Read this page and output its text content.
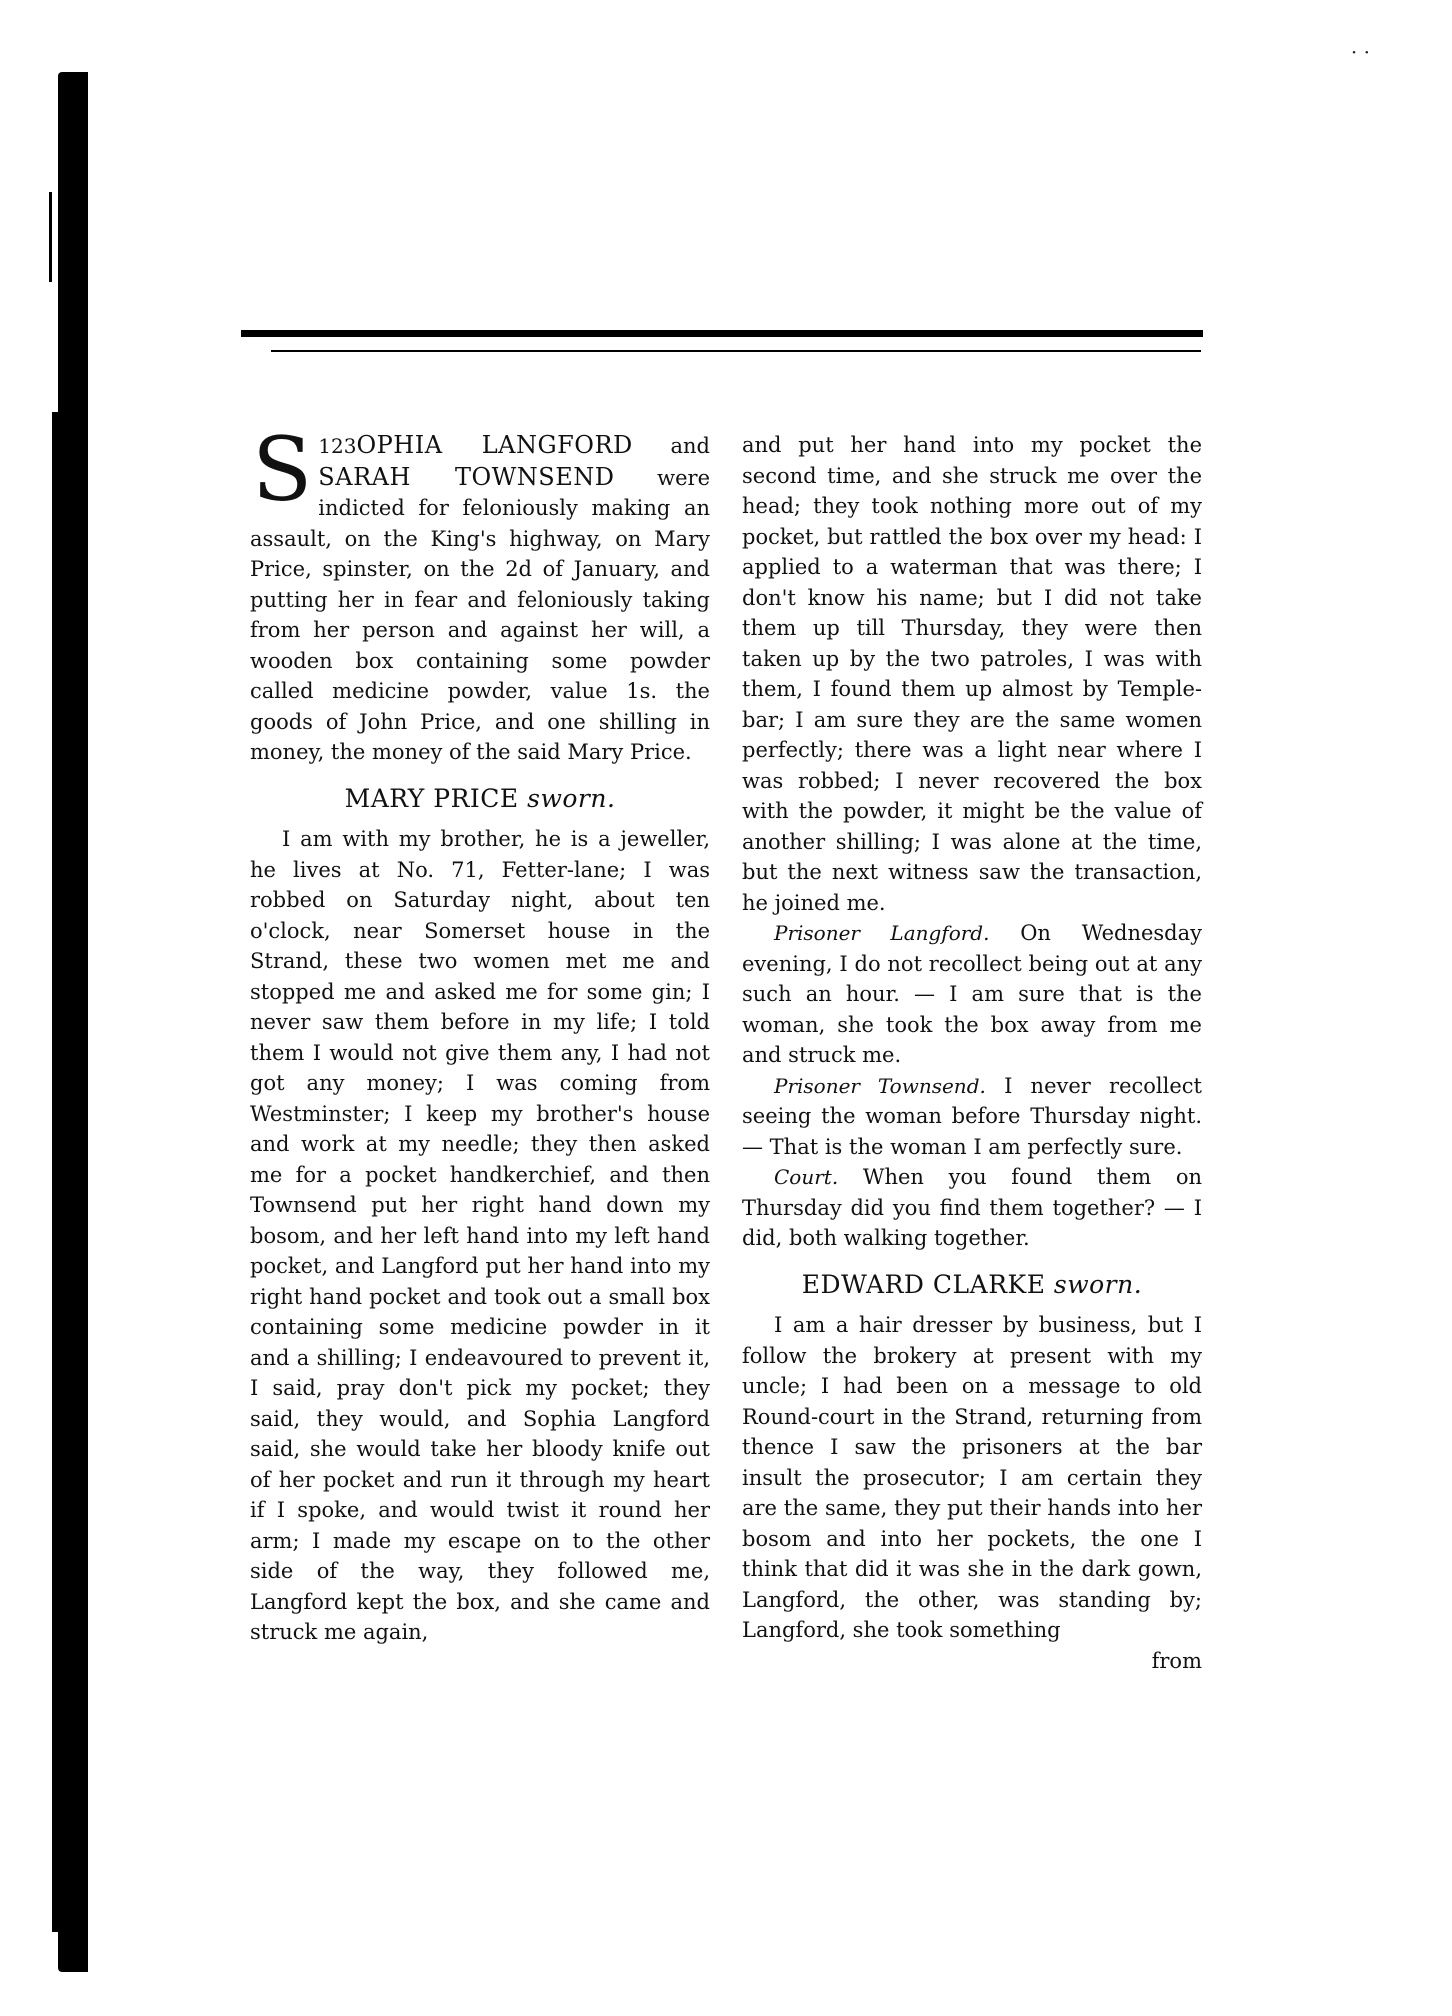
· ·

123
S OPHIA LANGFORD and SARAH TOWNSEND were indicted for feloniously making an assault, on the King's highway, on Mary Price, spinster, on the 2d of January, and putting her in fear and feloniously taking from her person and against her will, a wooden box containing some powder called medicine powder, value 1s. the goods of John Price, and one shilling in money, the money of the said Mary Price.

MARY PRICE sworn.

I am with my brother, he is a jeweller, he lives at No. 71, Fetter-lane; I was robbed on Saturday night, about ten o'clock, near Somerset house in the Strand, these two women met me and stopped me and asked me for some gin; I never saw them before in my life; I told them I would not give them any, I had not got any money; I was coming from Westminster; I keep my brother's house and work at my needle; they then asked me for a pocket handkerchief, and then Townsend put her right hand down my bosom, and her left hand into my left hand pocket, and Langford put her hand into my right hand pocket and took out a small box containing some medicine powder in it and a shilling; I endeavoured to prevent it, I said, pray don't pick my pocket; they said, they would, and Sophia Langford said, she would take her bloody knife out of her pocket and run it through my heart if I spoke, and would twist it round her arm; I made my escape on to the other side of the way, they followed me, Langford kept the box, and she came and struck me again,

and put her hand into my pocket the second time, and she struck me over the head; they took nothing more out of my pocket, but rattled the box over my head: I applied to a waterman that was there; I don't know his name; but I did not take them up till Thursday, they were then taken up by the two patroles, I was with them, I found them up almost by Temple-bar; I am sure they are the same women perfectly; there was a light near where I was robbed; I never recovered the box with the powder, it might be the value of another shilling; I was alone at the time, but the next witness saw the transaction, he joined me.

Prisoner Langford. On Wednesday evening, I do not recollect being out at any such an hour. — I am sure that is the woman, she took the box away from me and struck me.

Prisoner Townsend. I never recollect seeing the woman before Thursday night. — That is the woman I am perfectly sure.

Court. When you found them on Thursday did you find them together? — I did, both walking together.

EDWARD CLARKE sworn.

I am a hair dresser by business, but I follow the brokery at present with my uncle; I had been on a message to old Round-court in the Strand, returning from thence I saw the prisoners at the bar insult the prosecutor; I am certain they are the same, they put their hands into her bosom and into her pockets, the one I think that did it was she in the dark gown, Langford, the other, was standing by; Langford, she took something

from
